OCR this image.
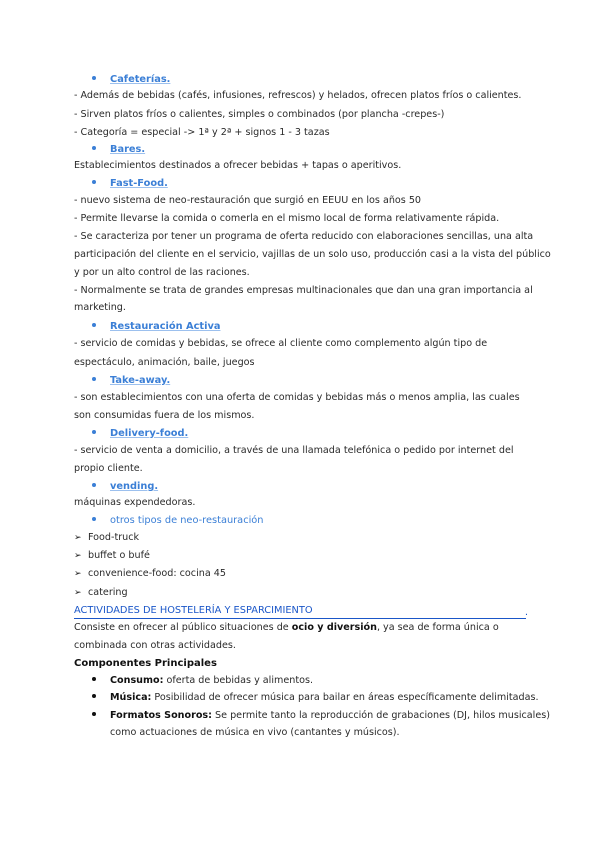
Cafeterías.
- Además de bebidas (cafés, infusiones, refrescos) y helados, ofrecen platos fríos o calientes.
- Sirven platos fríos o calientes, simples o combinados (por plancha -crepes-)
- Categoría = especial -> 1ª y 2ª + signos 1 - 3 tazas
Bares.
Establecimientos destinados a ofrecer bebidas + tapas o aperitivos.
Fast-Food.
- nuevo sistema de neo-restauración que surgió en EEUU en los años 50
- Permite llevarse la comida o comerla en el mismo local de forma relativamente rápida.
- Se caracteriza por tener un programa de oferta reducido con elaboraciones sencillas, una alta
participación del cliente en el servicio, vajillas de un solo uso, producción casi a la vista del público
y por un alto control de las raciones.
- Normalmente se trata de grandes empresas multinacionales que dan una gran importancia al
marketing.
Restauración Activa
- servicio de comidas y bebidas, se ofrece al cliente como complemento algún tipo de
espectáculo, animación, baile, juegos
Take-away.
- son establecimientos con una oferta de comidas y bebidas más o menos amplia, las cuales
son consumidas fuera de los mismos.
Delivery-food.
- servicio de venta a domicilio, a través de una llamada telefónica o pedido por internet del
propio cliente.
vending.
máquinas expendedoras.
otros tipos de neo-restauración
➢ Food-truck
➢ buffet o bufé
➢ convenience-food: cocina 45
➢ catering
ACTIVIDADES DE HOSTELERÍA Y ESPARCIMIENTO	.
Consiste en ofrecer al público situaciones de ocio y diversión, ya sea de forma única o
combinada con otras actividades.
Componentes Principales
Consumo: oferta de bebidas y alimentos.
Música: Posibilidad de ofrecer música para bailar en áreas específicamente delimitadas.
Formatos Sonoros: Se permite tanto la reproducción de grabaciones (DJ, hilos musicales)
como actuaciones de música en vivo (cantantes y músicos).
